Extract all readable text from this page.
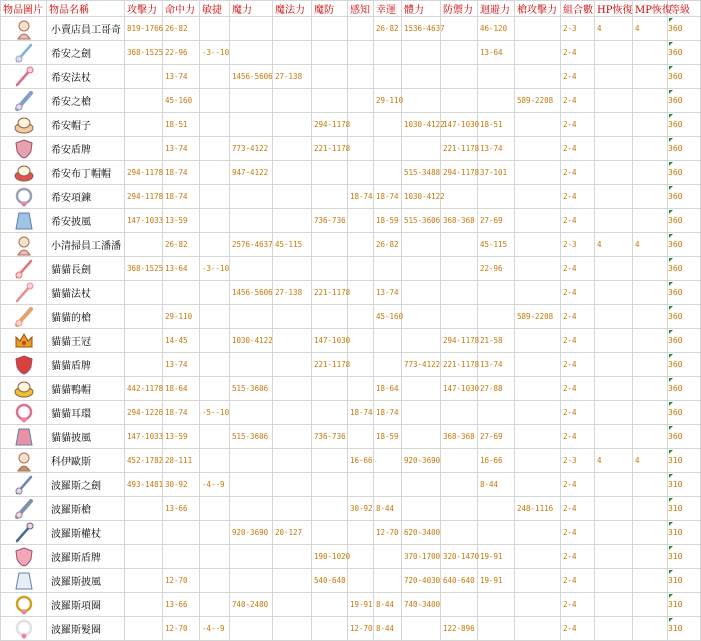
物品圖片	物品名稱	攻擊力	命中力	敏捷	魔力	魔法力	魔防	感知	幸運	體力	防禦力	迴避力	槍攻擊力	組合數	HP恢復	MP恢復	等級

	小賣店員工哥奇	819-1766	26-82						26-82	1536-4637		46-120		2-3	4	4	360

	希安之劍	368-1525	22-96	-3--10								13-64		2-4			360

	希安法杖		13-74		1456-5606	27-138								2-4			360

	希安之槍		45-160						29-110				589-2208	2-4			360

	希安帽子		18-51				294-1178			1030-4122	147-1030	18-51		2-4			360

	希安盾牌		13-74		773-4122		221-1178				221-1178	13-74		2-4			360

	希安布丁帽帽	294-1178	18-74		947-4122					515-3488	294-1178	37-101		2-4			360

	希安項鍊	294-1178	18-74					18-74	18-74	1030-4122				2-4			360

	希安披風	147-1033	13-59				736-736		18-59	515-3606	368-368	27-69		2-4			360

	小清掃員工潘潘		26-82		2576-4637	45-115			26-82			45-115		2-3	4	4	360

	貓貓長劍	368-1525	13-64	-3--10								22-96		2-4			360

	貓貓法杖				1456-5606	27-138	221-1178		13-74					2-4			360

	貓貓的槍		29-110						45-160				589-2208	2-4			360

	貓貓王冠		14-45		1030-4122		147-1030				294-1178	21-58		2-4			360

	貓貓盾牌		13-74				221-1178			773-4122	221-1178	13-74		2-4			360

	貓貓鴨帽	442-1178	18-64		515-3606				18-64		147-1030	27-88		2-4			360

	貓貓耳環	294-1226	18-74	-5--10				18-74	18-74					2-4			360

	貓貓披風	147-1033	13-59		515-3606		736-736		18-59		368-368	27-69		2-4			360

	科伊歐斯	452-1782	28-111					16-66		920-3690		16-66		2-3	4	4	310

	波羅斯之劍	493-1481	30-92	-4--9								8-44		2-4			310

	波羅斯槍		13-66					30-92	8-44				248-1116	2-4			310

	波羅斯權杖				920-3690	20-127			12-70	620-3400				2-4			310

	波羅斯盾牌						190-1020			370-1700	320-1470	19-91		2-4			310

	波羅斯披風		12-70				540-640			720-4030	640-640	19-91		2-4			310

	波羅斯項圈		13-66		740-2400			19-91	8-44	740-3400				2-4			310

	波羅斯髮圈		12-70	-4--9				12-70	8-44		122-896			2-4			310
